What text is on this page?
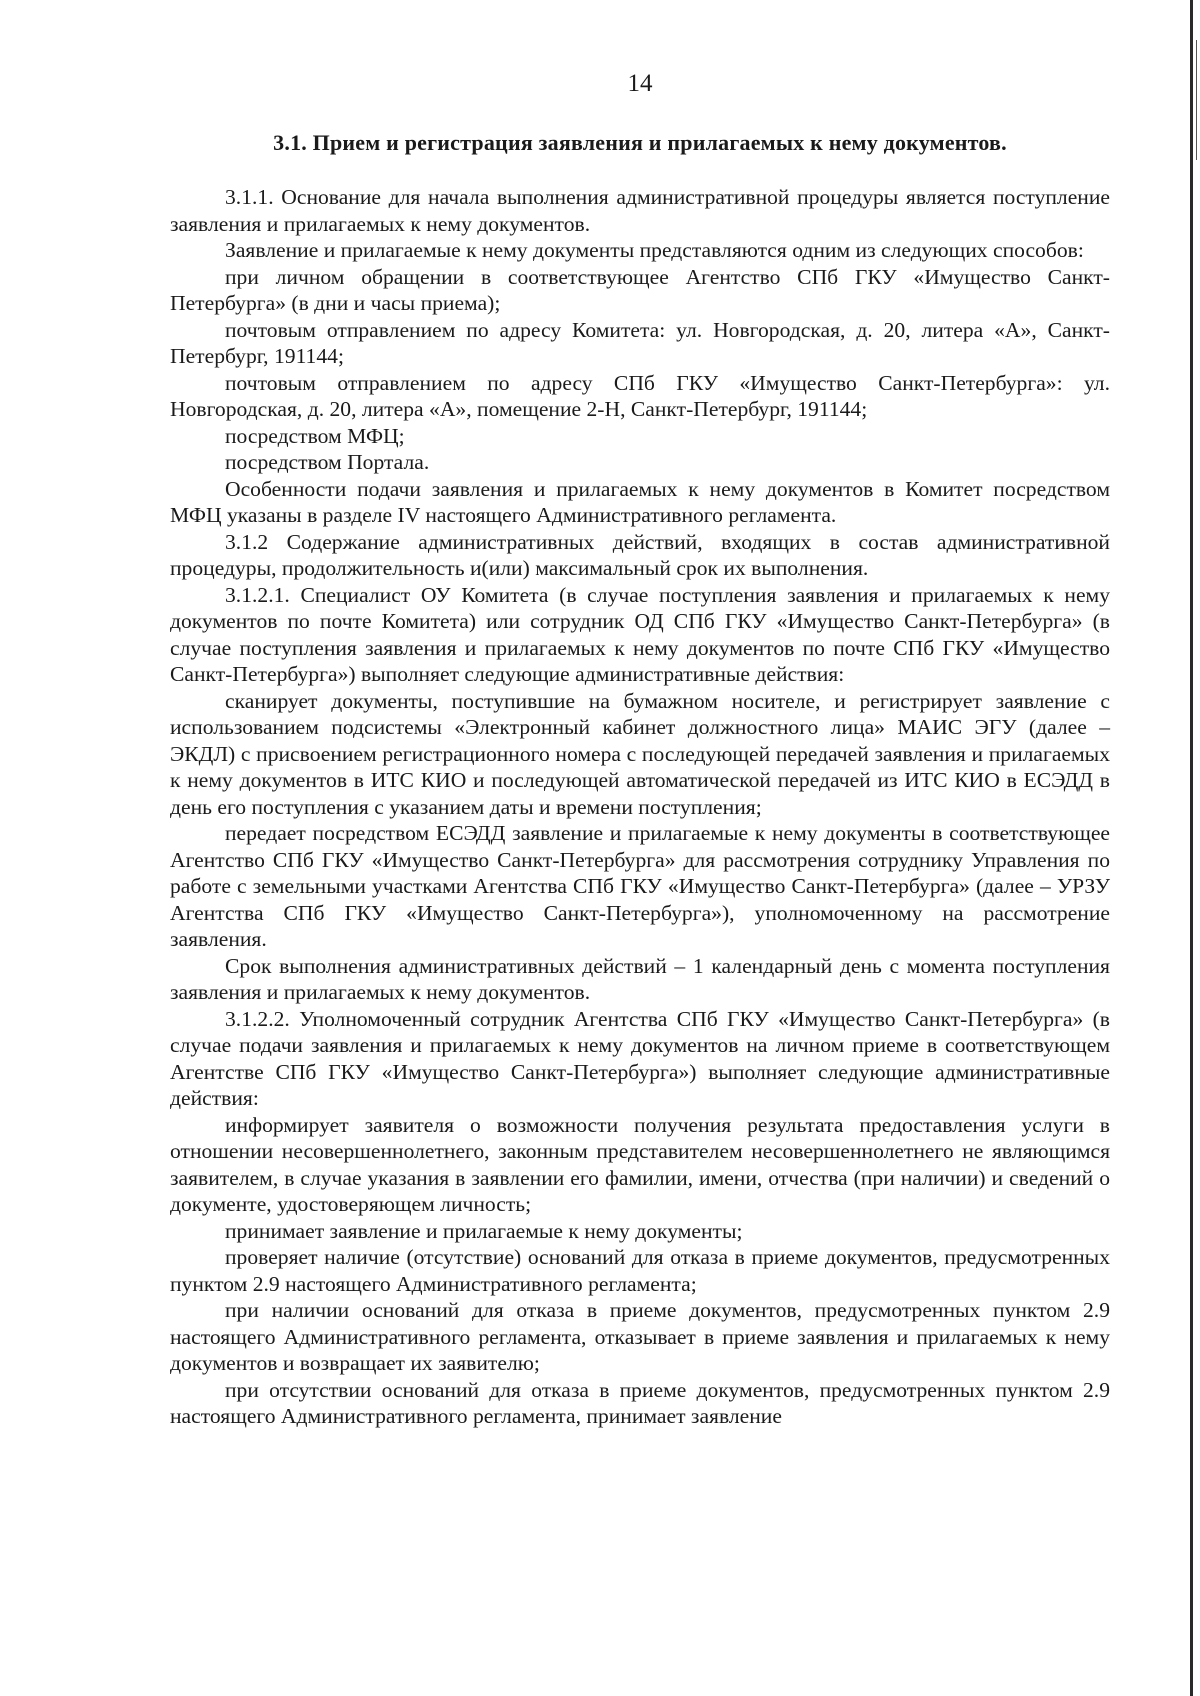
14
3.1. Прием и регистрация заявления и прилагаемых к нему документов.

3.1.1. Основание для начала выполнения административной процедуры является поступление заявления и прилагаемых к нему документов.

Заявление и прилагаемые к нему документы представляются одним из следующих способов:

при личном обращении в соответствующее Агентство СПб ГКУ «Имущество Санкт-Петербурга» (в дни и часы приема);

почтовым отправлением по адресу Комитета: ул. Новгородская, д. 20, литера «А», Санкт-Петербург, 191144;

почтовым отправлением по адресу СПб ГКУ «Имущество Санкт-Петербурга»: ул. Новгородская, д. 20, литера «А», помещение 2-Н, Санкт-Петербург, 191144;

посредством МФЦ;

посредством Портала.

Особенности подачи заявления и прилагаемых к нему документов в Комитет посредством МФЦ указаны в разделе IV настоящего Административного регламента.

3.1.2 Содержание административных действий, входящих в состав административной процедуры, продолжительность и(или) максимальный срок их выполнения.

3.1.2.1. Специалист ОУ Комитета (в случае поступления заявления и прилагаемых к нему документов по почте Комитета) или сотрудник ОД СПб ГКУ «Имущество Санкт-Петербурга» (в случае поступления заявления и прилагаемых к нему документов по почте СПб ГКУ «Имущество Санкт-Петербурга») выполняет следующие административные действия:

сканирует документы, поступившие на бумажном носителе, и регистрирует заявление с использованием подсистемы «Электронный кабинет должностного лица» МАИС ЭГУ (далее – ЭКДЛ) с присвоением регистрационного номера с последующей передачей заявления и прилагаемых к нему документов в ИТС КИО и последующей автоматической передачей из ИТС КИО в ЕСЭДД в день его поступления с указанием даты и времени поступления;

передает посредством ЕСЭДД заявление и прилагаемые к нему документы в соответствующее Агентство СПб ГКУ «Имущество Санкт-Петербурга» для рассмотрения сотруднику Управления по работе с земельными участками Агентства СПб ГКУ «Имущество Санкт-Петербурга» (далее – УРЗУ Агентства СПб ГКУ «Имущество Санкт-Петербурга»), уполномоченному на рассмотрение заявления.

Срок выполнения административных действий – 1 календарный день с момента поступления заявления и прилагаемых к нему документов.

3.1.2.2. Уполномоченный сотрудник Агентства СПб ГКУ «Имущество Санкт-Петербурга» (в случае подачи заявления и прилагаемых к нему документов на личном приеме в соответствующем Агентстве СПб ГКУ «Имущество Санкт-Петербурга») выполняет следующие административные действия:

информирует заявителя о возможности получения результата предоставления услуги в отношении несовершеннолетнего, законным представителем несовершеннолетнего не являющимся заявителем, в случае указания в заявлении его фамилии, имени, отчества (при наличии) и сведений о документе, удостоверяющем личность;

принимает заявление и прилагаемые к нему документы;

проверяет наличие (отсутствие) оснований для отказа в приеме документов, предусмотренных пунктом 2.9 настоящего Административного регламента;

при наличии оснований для отказа в приеме документов, предусмотренных пунктом 2.9 настоящего Административного регламента, отказывает в приеме заявления и прилагаемых к нему документов и возвращает их заявителю;

при отсутствии оснований для отказа в приеме документов, предусмотренных пунктом 2.9 настоящего Административного регламента, принимает заявление
